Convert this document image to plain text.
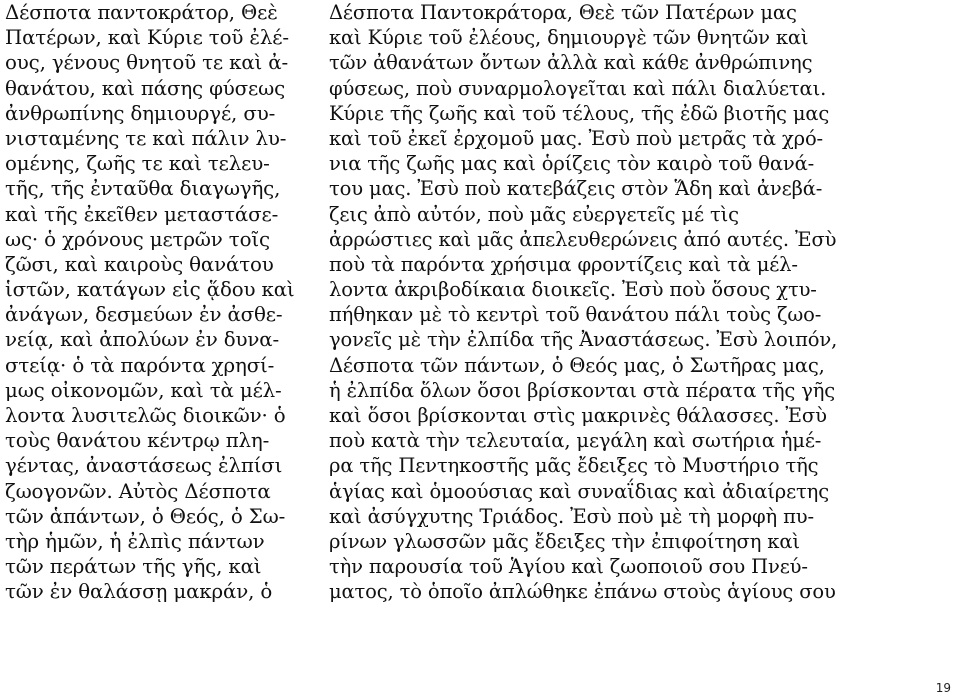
Δέσποτα παντοκράτορ, Θεὲ
Πατέρων, καὶ Κύριε τοῦ ἐλέ-
ους, γένους θνητοῦ τε καὶ ἀ-
θανάτου, καὶ πάσης φύσεως
ἀνθρωπίνης δημιουργέ, συ-
νισταμένης τε καὶ πάλιν λυ-
ομένης, ζωῆς τε καὶ τελευ-
τῆς, τῆς ἐνταῦθα διαγωγῆς,
καὶ τῆς ἐκεῖθεν μεταστάσε-
ως· ὁ χρόνους μετρῶν τοῖς
ζῶσι, καὶ καιροὺς θανάτου
ἱστῶν, κατάγων εἰς ᾅδου καὶ
ἀνάγων, δεσμεύων ἐν ἀσθε-
νείᾳ, καὶ ἀπολύων ἐν δυνα-
στείᾳ· ὁ τὰ παρόντα χρησί-
μως οἰκονομῶν, καὶ τὰ μέλ-
λοντα λυσιτελῶς διοικῶν· ὁ
τοὺς θανάτου κέντρῳ πλη-
γέντας, ἀναστάσεως ἐλπίσι
ζωογονῶν. Αὐτὸς Δέσποτα
τῶν ἁπάντων, ὁ Θεός, ὁ Σω-
τὴρ ἡμῶν, ἡ ἐλπὶς πάντων
τῶν περάτων τῆς γῆς, καὶ
τῶν ἐν θαλάσσῃ μακράν, ὁ
Δέσποτα Παντοκράτορα, Θεὲ τῶν Πατέρων μας
καὶ Κύριε τοῦ ἐλέους, δημιουργὲ τῶν θνητῶν καὶ
τῶν ἀθανάτων ὄντων ἀλλὰ καὶ κάθε ἀνθρώπινης
φύσεως, ποὺ συναρμολογεῖται καὶ πάλι διαλύεται.
Κύριε τῆς ζωῆς καὶ τοῦ τέλους, τῆς ἐδῶ βιοτῆς μας
καὶ τοῦ ἐκεῖ ἐρχομοῦ μας. Ἐσὺ ποὺ μετρᾶς τὰ χρό-
νια τῆς ζωῆς μας καὶ ὁρίζεις τὸν καιρὸ τοῦ θανά-
του μας. Ἐσὺ ποὺ κατεβάζεις στὸν Ἅδη καὶ ἀνεβά-
ζεις ἀπὸ αὐτόν, ποὺ μᾶς εὐεργετεῖς μέ τὶς
ἀρρώστιες καὶ μᾶς ἀπελευθερώνεις ἀπό αυτές. Ἐσὺ
ποὺ τὰ παρόντα χρήσιμα φροντίζεις καὶ τὰ μέλ-
λοντα ἀκριβοδίκαια διοικεῖς. Ἐσὺ ποὺ ὅσους χτυ-
πήθηκαν μὲ τὸ κεντρὶ τοῦ θανάτου πάλι τοὺς ζωο-
γονεῖς μὲ τὴν ἐλπίδα τῆς Ἀναστάσεως. Ἐσὺ λοιπόν,
Δέσποτα τῶν πάντων, ὁ Θεός μας, ὁ Σωτῆρας μας,
ἡ ἐλπίδα ὅλων ὅσοι βρίσκονται στὰ πέρατα τῆς γῆς
καὶ ὅσοι βρίσκονται στὶς μακρινὲς θάλασσες. Ἐσὺ
ποὺ κατὰ τὴν τελευταία, μεγάλη καὶ σωτήρια ἡμέ-
ρα τῆς Πεντηκοστῆς μᾶς ἔδειξες τὸ Μυστήριο τῆς
ἁγίας καὶ ὁμοούσιας καὶ συναΐδιας καὶ ἀδιαίρετης
καὶ ἀσύγχυτης Τριάδος. Ἐσὺ ποὺ μὲ τὴ μορφὴ πυ-
ρίνων γλωσσῶν μᾶς ἔδειξες τὴν ἐπιφοίτηση καὶ
τὴν παρουσία τοῦ Ἁγίου καὶ ζωοποιοῦ σου Πνεύ-
ματος, τὸ ὁποῖο ἀπλώθηκε ἐπάνω στοὺς ἁγίους σου
19
